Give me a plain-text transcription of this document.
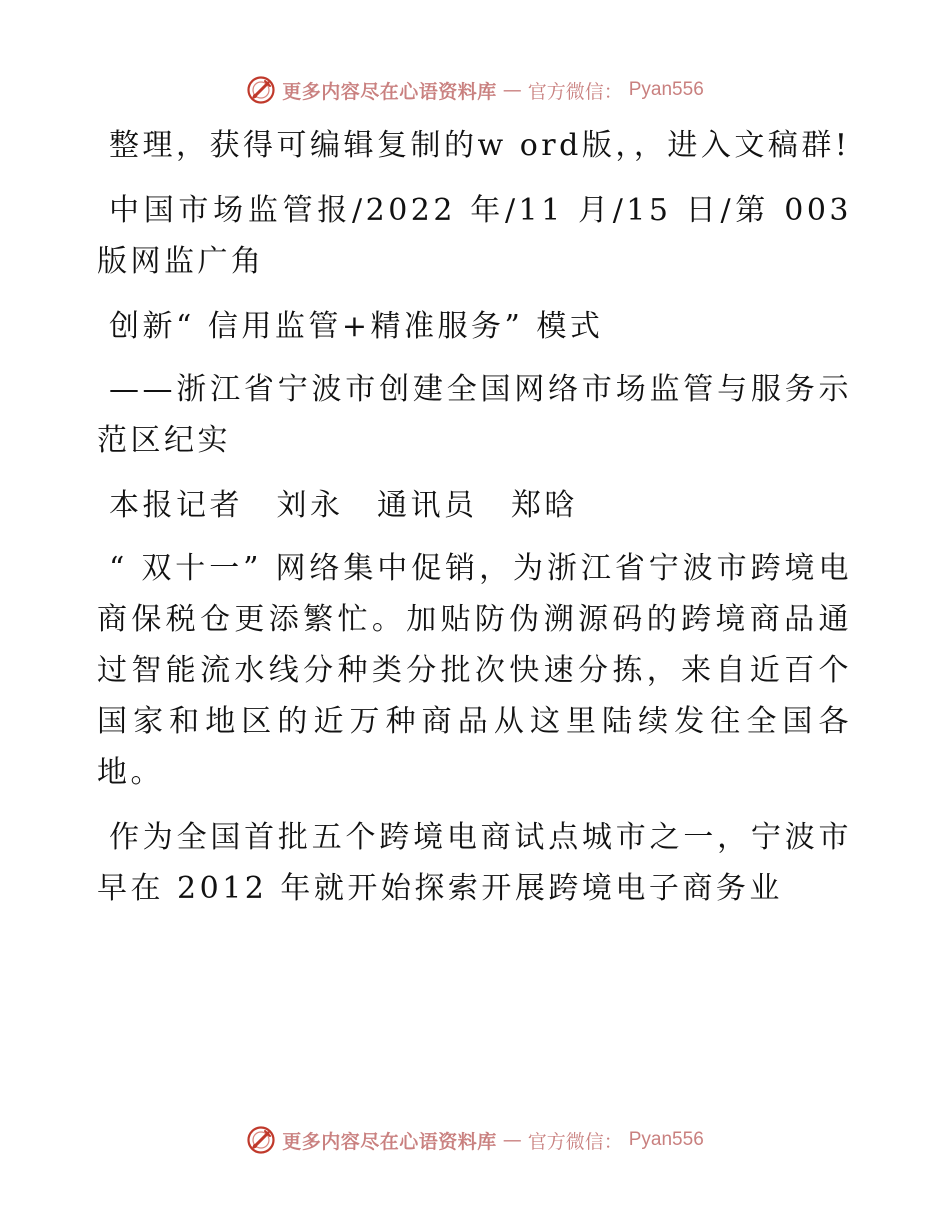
更多内容尽在心语资料库 — 官方微信： Pyan556

整理，获得可编辑复制的w ord版，，进入文稿群!

中国市场监管报/2022 年/11 月/15 日/第 003 版网监广角

创新“ 信用监管+精准服务” 模式

——浙江省宁波市创建全国网络市场监管与服务示范区纪实

本报记者　刘永　通讯员　郑晗

“ 双十一” 网络集中促销，为浙江省宁波市跨境电商保税仓更添繁忙。加贴防伪溯源码的跨境商品通过智能流水线分种类分批次快速分拣，来自近百个国家和地区的近万种商品从这里陆续发往全国各地。

作为全国首批五个跨境电商试点城市之一，宁波市早在 2012 年就开始探索开展跨境电子商务业

更多内容尽在心语资料库 — 官方微信： Pyan556
